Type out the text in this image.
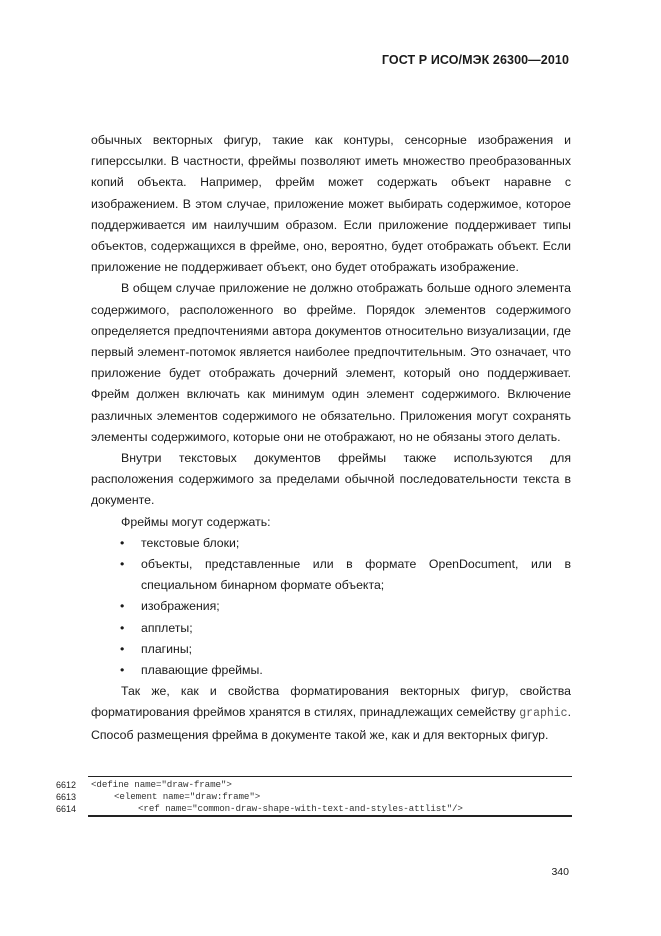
ГОСТ Р ИСО/МЭК 26300—2010

обычных векторных фигур, такие как контуры, сенсорные изображения и гиперссылки. В частности, фреймы позволяют иметь множество преобразованных копий объекта. Например, фрейм может содержать объект наравне с изображением. В этом случае, приложение может выбирать содержимое, которое поддерживается им наилучшим образом. Если приложение поддерживает типы объектов, содержащихся в фрейме, оно, вероятно, будет отображать объект. Если приложение не поддерживает объект, оно будет отображать изображение.

В общем случае приложение не должно отображать больше одного элемента содержимого, расположенного во фрейме. Порядок элементов содержимого определяется предпочтениями автора документов относительно визуализации, где первый элемент-потомок является наиболее предпочтительным. Это означает, что приложение будет отображать дочерний элемент, который оно поддерживает. Фрейм должен включать как минимум один элемент содержимого. Включение различных элементов содержимого не обязательно. Приложения могут сохранять элементы содержимого, которые они не отображают, но не обязаны этого делать.

Внутри текстовых документов фреймы также используются для расположения содержимого за пределами обычной последовательности текста в документе.

Фреймы могут содержать:

• текстовые блоки;
• объекты, представленные или в формате OpenDocument, или в специальном бинарном формате объекта;
• изображения;
• апплеты;
• плагины;
• плавающие фреймы.

Так же, как и свойства форматирования векторных фигур, свойства форматирования фреймов хранятся в стилях, принадлежащих семейству graphic. Способ размещения фрейма в документе такой же, как и для векторных фигур.

6612	<define name="draw-frame">
6613	<element name="draw:frame">
6614	<ref name="common-draw-shape-with-text-and-styles-attlist"/>
340
